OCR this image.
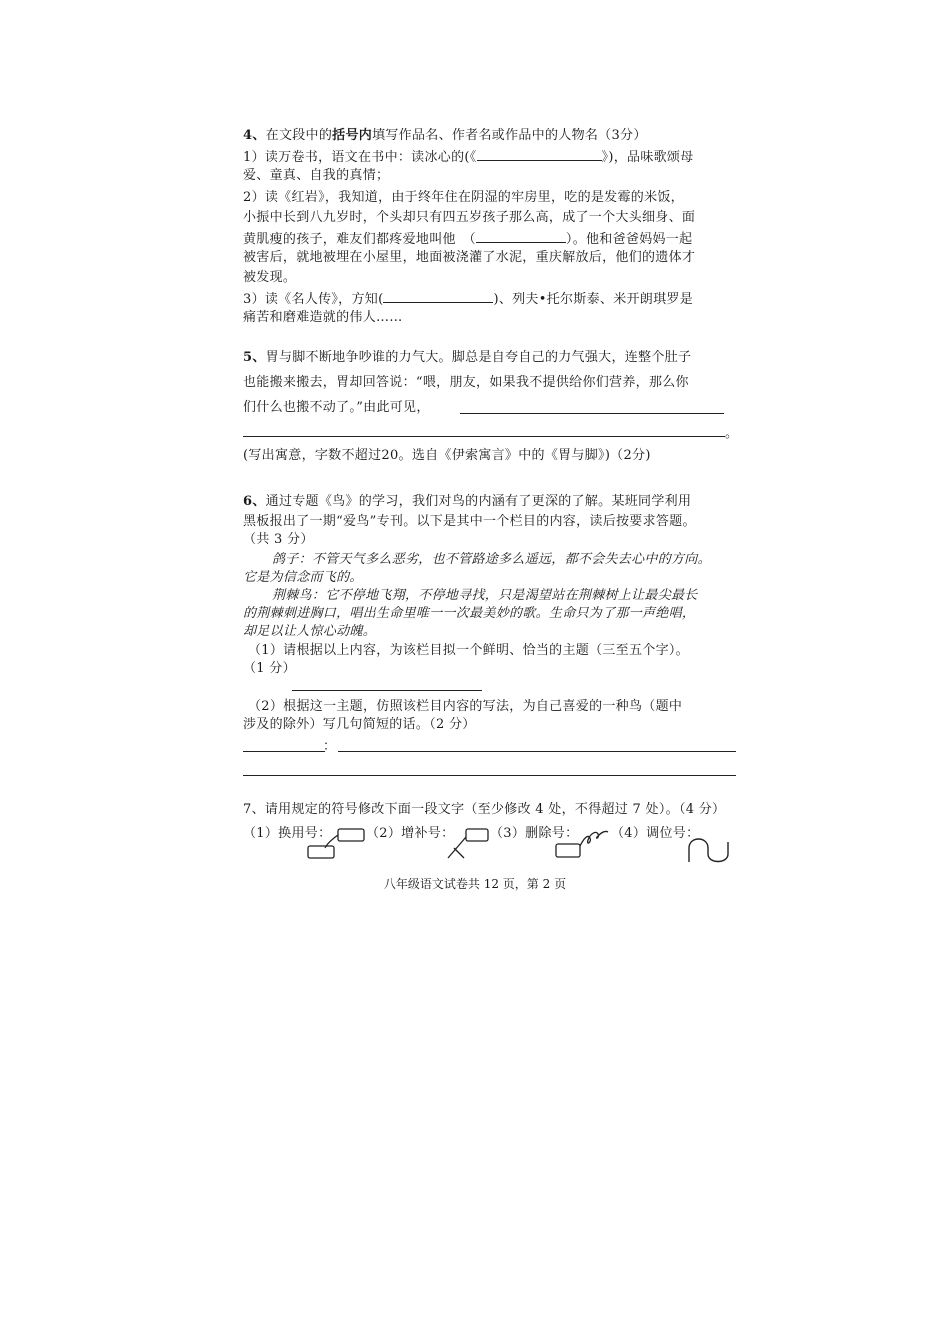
4、在文段中的括号内填写作品名、作者名或作品中的人物名（3分）
1）读万卷书，语文在书中：读冰心的(《	》)，品味歌颂母
爱、童真、自我的真情；
2）读《红岩》，我知道，由于终年住在阴湿的牢房里，吃的是发霉的米饭，
小振中长到八九岁时，个头却只有四五岁孩子那么高，成了一个大头细身、面
黄肌瘦的孩子，难友们都疼爱地叫他　（	）。他和爸爸妈妈一起
被害后，就地被埋在小屋里，地面被浇灌了水泥，重庆解放后，他们的遗体才
被发现。
3）读《名人传》，方知(	)、列夫•托尔斯泰、米开朗琪罗是
痛苦和磨难造就的伟人……
5、胃与脚不断地争吵谁的力气大。脚总是自夸自己的力气强大，连整个肚子
也能搬来搬去，胃却回答说：“喂，朋友，如果我不提供给你们营养，那么你
们什么也搬不动了。”由此可见，
。
(写出寓意，字数不超过20。选自《伊索寓言》中的《胃与脚》)（2分)
6、通过专题《鸟》的学习，我们对鸟的内涵有了更深的了解。某班同学利用
黑板报出了一期“爱鸟”专刊。以下是其中一个栏目的内容，读后按要求答题。
（共 3 分）
鸽子：不管天气多么恶劣，也不管路途多么遥远，都不会失去心中的方向。
它是为信念而飞的。
荆棘鸟：它不停地飞翔，不停地寻找，只是渴望站在荆棘树上让最尖最长
的荆棘刺进胸口，唱出生命里唯一一次最美妙的歌。生命只为了那一声绝唱，
却足以让人惊心动魄。
（1）请根据以上内容，为该栏目拟一个鲜明、恰当的主题（三至五个字）。
（1 分）
（2）根据这一主题，仿照该栏目内容的写法，为自己喜爱的一种鸟（题中
涉及的除外）写几句简短的话。（2 分）
：
7、请用规定的符号修改下面一段文字（至少修改 4 处，不得超过 7 处）。（4 分）
（1）换用号：	（2）增补号：	（3）删除号：	（4）调位号：
八年级语文试卷共 12 页，第 2 页
